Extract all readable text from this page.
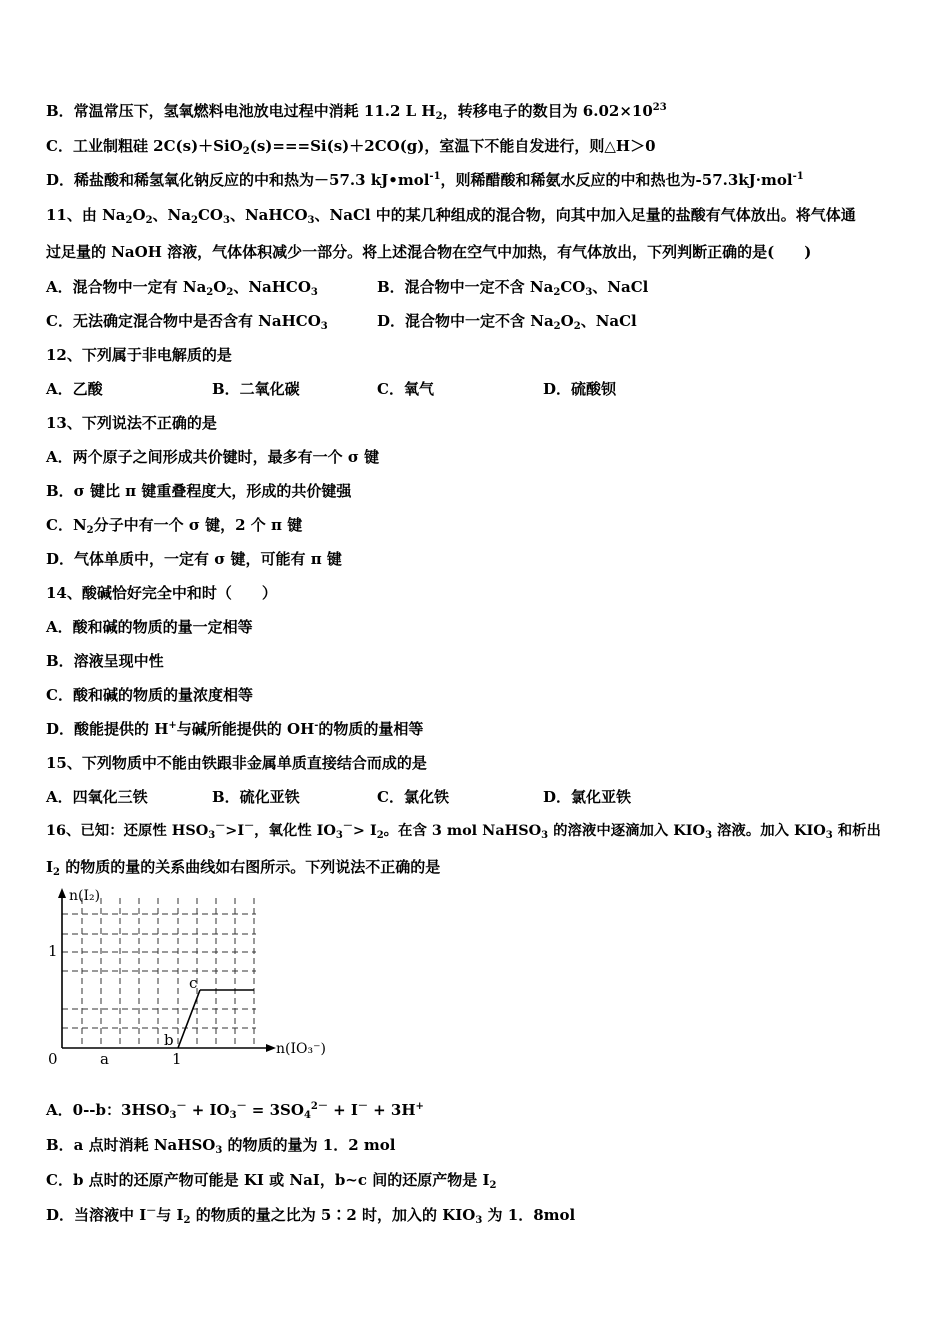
B．常温常压下，氢氧燃料电池放电过程中消耗 11.2 L $H_2$，转移电子的数目为 $6.02\times 10^{23}$
C．工业制粗硅 2C(s)＋SiO$_2$(s)===Si(s)＋2CO(g)，室温下不能自发进行，则△H＞0
D．稀盐酸和稀氢氧化钠反应的中和热为－57.3 kJ•mol$^{-1}$，则稀醋酸和稀氨水反应的中和热也为-57.3kJ·mol$^{-1}$
11、由 $Na_2O_2$、$Na_2CO_3$、NaHCO$_3$、NaCl 中的某几种组成的混合物，向其中加入足量的盐酸有气体放出。将气体通
过足量的 NaOH 溶液，气体体积减少一部分。将上述混合物在空气中加热，有气体放出，下列判断正确的是(　　)
A．混合物中一定有 $Na_2O_2$、NaHCO$_3$	B．混合物中一定不含 $Na_2CO_3$、NaCl
C．无法确定混合物中是否含有 NaHCO$_3$	D．混合物中一定不含 $Na_2O_2$、NaCl
12、下列属于非电解质的是
A．乙酸	B．二氧化碳	C．氧气	D．硫酸钡
13、下列说法不正确的是
A．两个原子之间形成共价键时，最多有一个 σ 键
B．σ 键比 π 键重叠程度大，形成的共价键强
C．$N_2$分子中有一个 σ 键，2 个 π 键
D．气体单质中，一定有 σ 键，可能有 π 键
14、酸碱恰好完全中和时（　　）
A．酸和碱的物质的量一定相等
B．溶液呈现中性
C．酸和碱的物质的量浓度相等
D．酸能提供的 H+与碱所能提供的 OH-的物质的量相等
15、下列物质中不能由铁跟非金属单质直接结合而成的是
A．四氧化三铁	B．硫化亚铁	C．氯化铁	D．氯化亚铁
16、已知：还原性 $HSO_3^->I^-$，氧化性 $IO_3^-> I_2$。在含 3 mol NaHSO$_3$ 的溶液中逐滴加入 $KIO_3$ 溶液。加入 $KIO_3$ 和析出
$I_2$ 的物质的量的关系曲线如右图所示。下列说法不正确的是
n(I₂)
n(IO₃⁻)
0
1
1
a
b
c
A．0--b：$3HSO_3^- + IO_3^- = 3SO_4^{2-} + I^- + 3H^+$
B．a 点时消耗 NaHSO$_3$ 的物质的量为 1．2 mol
C．b 点时的还原产物可能是 KI 或 NaI，b~c 间的还原产物是 $I_2$
D．当溶液中 I－与 $I_2$ 的物质的量之比为 5∶2 时，加入的 $KIO_3$ 为 1．8mol
